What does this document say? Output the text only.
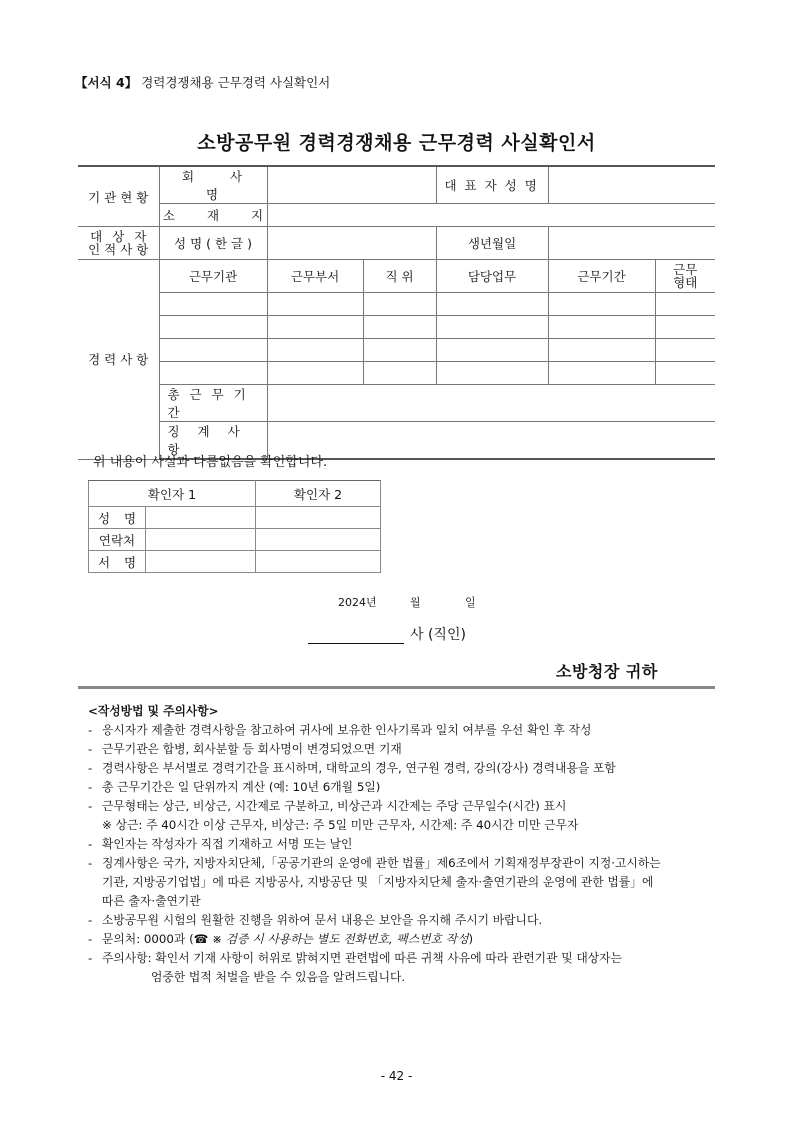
【서식 4】 경력경쟁채용 근무경력 사실확인서
소방공무원 경력경쟁채용 근무경력 사실확인서
기 관 현 황	회 사 명			대 표 자 성 명		
	소 재 지					

대 상 자
인 적 사 항	성 명 ( 한 글 )			생년월일		
경 력 사 항	근무기관	근무부서	직 위	담당업무	근무기간	근무
형태

	총 근 무 기 간					
	징 계 사 항					
위 내용이 사실과 다름없음을 확인합니다.
확인자 1		확인자 2
성 명		
연락처		
서 명		
2024년	월	일
사 (직인)
소방청장 귀하
<작성방법 및 주의사항>
- 응시자가 제출한 경력사항을 참고하여 귀사에 보유한 인사기록과 일치 여부를 우선 확인 후 작성
- 근무기관은 합병, 회사분할 등 회사명이 변경되었으면 기재
- 경력사항은 부서별로 경력기간을 표시하며, 대학교의 경우, 연구원 경력, 강의(강사) 경력내용을 포함
- 총 근무기간은 일 단위까지 계산 (예: 10년 6개월 5일)
- 근무형태는 상근, 비상근, 시간제로 구분하고, 비상근과 시간제는 주당 근무일수(시간) 표시
※ 상근: 주 40시간 이상 근무자, 비상근: 주 5일 미만 근무자, 시간제: 주 40시간 미만 근무자
- 확인자는 작성자가 직접 기재하고 서명 또는 날인
- 징계사항은 국가, 지방자치단체,「공공기관의 운영에 관한 법률」제6조에서 기획재정부장관이 지정·고시하는
기관, 지방공기업법」에 따른 지방공사, 지방공단 및 「지방자치단체 출자·출연기관의 운영에 관한 법률」에
따른 출자·출연기관
- 소방공무원 시험의 원활한 진행을 위하여 문서 내용은 보안을 유지해 주시기 바랍니다.
- 문의처: 0000과 (☎ ※ 검증 시 사용하는 별도 전화번호, 팩스번호 작성)
- 주의사항: 확인서 기재 사항이 허위로 밝혀지면 관련법에 따른 귀책 사유에 따라 관련기관 및 대상자는
엄중한 법적 처벌을 받을 수 있음을 알려드립니다.
- 42 -
